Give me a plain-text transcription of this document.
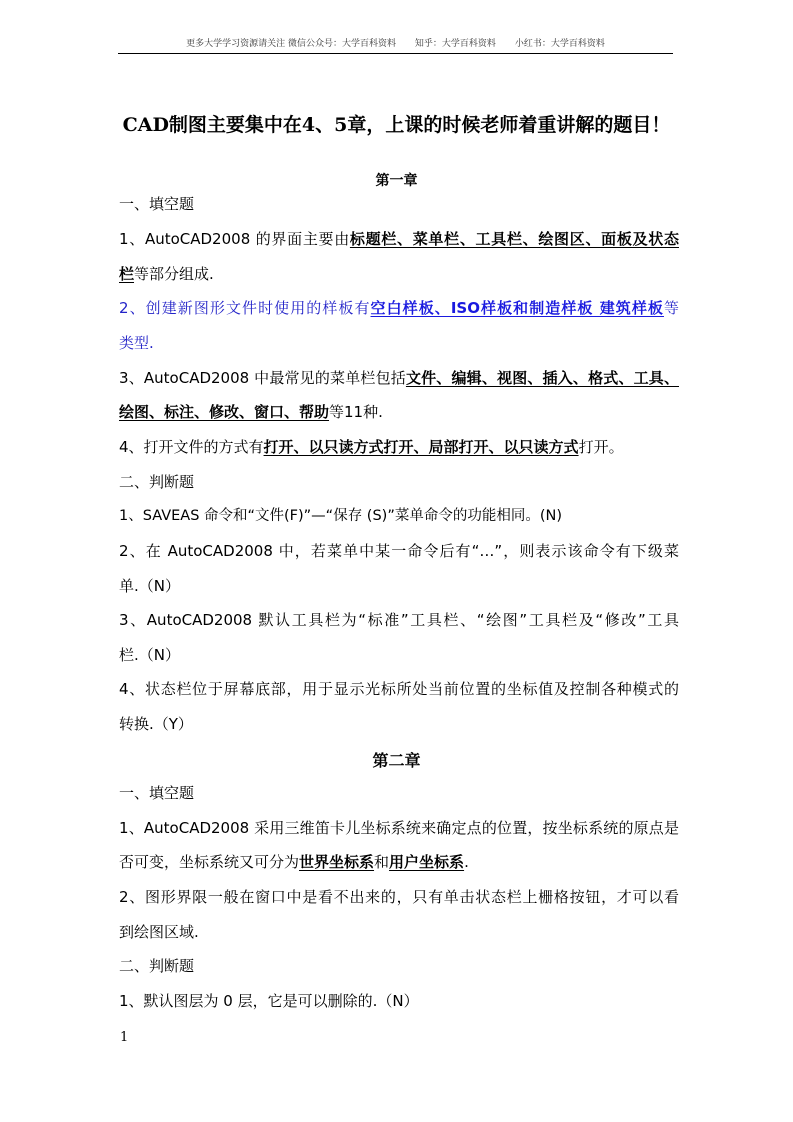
更多大学学习资源请关注 微信公众号：大学百科资料 知乎：大学百科资料 小红书：大学百科资料
CAD制图主要集中在4、5章，上课的时候老师着重讲解的题目！
第一章
一、填空题
1、AutoCAD2008 的界面主要由标题栏、菜单栏、工具栏、绘图区、面板及状态
栏等部分组成.
2、创建新图形文件时使用的样板有空白样板、ISO样板和制造样板 建筑样板等
类型.
3、AutoCAD2008 中最常见的菜单栏包括文件、编辑、视图、插入、格式、工具、
绘图、标注、修改、窗口、帮助等11种.
4、打开文件的方式有打开、以只读方式打开、局部打开、以只读方式打开。
二、判断题
1、SAVEAS 命令和“文件(F)”—“保存 (S)”菜单命令的功能相同。(N)
2、在 AutoCAD2008 中，若菜单中某一命令后有“…”，则表示该命令有下级菜
单.（N）
3、AutoCAD2008 默认工具栏为“标准”工具栏、“绘图”工具栏及“修改”工具
栏.（N）
4、状态栏位于屏幕底部，用于显示光标所处当前位置的坐标值及控制各种模式的
转换.（Y）
第二章
一、填空题
1、AutoCAD2008 采用三维笛卡儿坐标系统来确定点的位置，按坐标系统的原点是
否可变，坐标系统又可分为世界坐标系和用户坐标系.
2、图形界限一般在窗口中是看不出来的，只有单击状态栏上栅格按钮，才可以看
到绘图区域.
二、判断题
1、默认图层为 0 层，它是可以删除的.（N）
1
